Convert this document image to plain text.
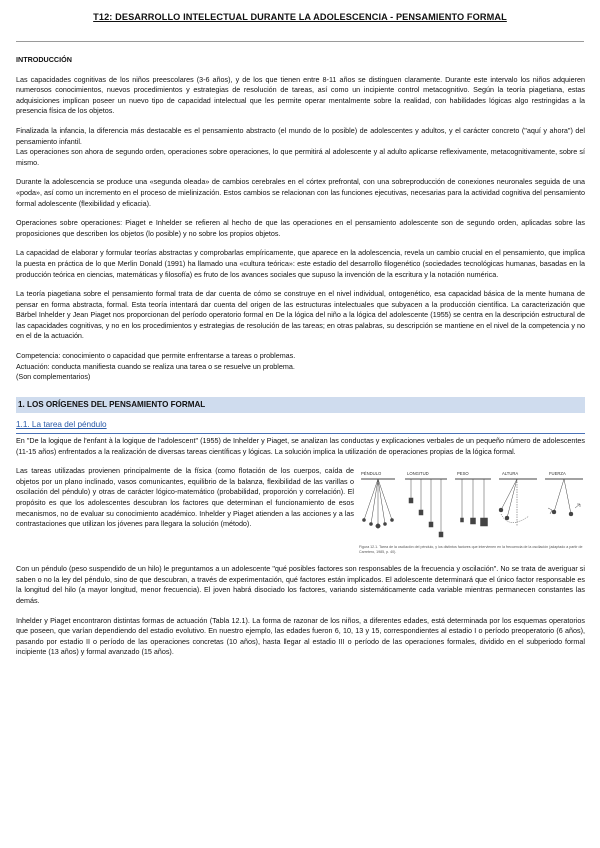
T12: DESARROLLO INTELECTUAL DURANTE LA ADOLESCENCIA - PENSAMIENTO FORMAL

INTRODUCCIÓN

Las capacidades cognitivas de los niños preescolares (3-6 años), y de los que tienen entre 8-11 años se distinguen claramente. Durante este intervalo los niños adquieren numerosos conocimientos, nuevos procedimientos y estrategias de resolución de tareas, así como un incipiente control metacognitivo. Según la teoría piagetiana, estas adquisiciones implican poseer un nuevo tipo de capacidad intelectual que les permite operar mentalmente sobre la realidad, con habilidades lógicas algo restringidas a la presencia física de los objetos.

Finalizada la infancia, la diferencia más destacable es el pensamiento abstracto (el mundo de lo posible) de adolescentes y adultos, y el carácter concreto ("aquí y ahora") del pensamiento infantil.

Las operaciones son ahora de segundo orden, operaciones sobre operaciones, lo que permitirá al adolescente y al adulto aplicarse reflexivamente, metacognitivamente, sobre sí mismo.

Durante la adolescencia se produce una «segunda oleada» de cambios cerebrales en el córtex prefrontal, con una sobreproducción de conexiones neuronales seguida de una «poda», así como un incremento en el proceso de mielinización. Estos cambios se relacionan con las funciones ejecutivas, necesarias para la actividad cognitiva del pensamiento formal adolescente (flexibilidad y eficacia).

Operaciones sobre operaciones: Piaget e Inhelder se refieren al hecho de que las operaciones en el pensamiento adolescente son de segundo orden, aplicadas sobre las proposiciones que describen los objetos (lo posible) y no sobre los propios objetos.

La capacidad de elaborar y formular teorías abstractas y comprobarlas empíricamente, que aparece en la adolescencia, revela un cambio crucial en el pensamiento, que implica la puesta en práctica de lo que Merlin Donald (1991) ha llamado una «cultura teórica»: este estadio del desarrollo filogenético (sociedades tecnológicas humanas, basadas en la producción teórica en ciencias, matemáticas y filosofía) es fruto de los avances sociales que supuso la invención de la escritura y la notación numérica.

La teoría piagetiana sobre el pensamiento formal trata de dar cuenta de cómo se construye en el nivel individual, ontogenético, esa capacidad básica de la mente humana de pensar en forma abstracta, formal. Esta teoría intentará dar cuenta del origen de las estructuras intelectuales que subyacen a la producción científica. La caracterización que Bärbel Inhelder y Jean Piaget nos proporcionan del período operatorio formal en De la lógica del niño a la lógica del adolescente (1955) se centra en la descripción estructural de las capacidades cognitivas, y no en los procedimientos y estrategias de resolución de las tareas; en otras palabras, su descripción se mantiene en el nivel de la competencia y no en el de la actuación.

Competencia: conocimiento o capacidad que permite enfrentarse a tareas o problemas.

Actuación: conducta manifiesta cuando se realiza una tarea o se resuelve un problema.

(Son complementarios)

1. LOS ORÍGENES DEL PENSAMIENTO FORMAL
1.1. La tarea del péndulo

En "De la logique de l'enfant à la logique de l'adolescent" (1955) de Inhelder y Piaget, se analizan las conductas y explicaciones verbales de un pequeño número de adolescentes (11-15 años) enfrentados a la realización de diversas tareas científicas y lógicas. La solución implica la utilización de operaciones propias de la lógica formal.

Las tareas utilizadas provienen principalmente de la física (como flotación de los cuerpos, caída de objetos por un plano inclinado, vasos comunicantes, equilibrio de la balanza, flexibilidad de las varillas o oscilación del péndulo) y otras de carácter lógico-matemático (probabilidad, proporción y correlación). El propósito es que los adolescentes descubran los factores que determinan el funcionamiento de esos mecanismos, no de evaluar su conocimiento académico. Inhelder y Piaget atienden a las acciones y a las contrastaciones que utilizan los jóvenes para llegara la solución (método).
PÉNDULO	LONGITUD	PESO	ALTURA	FUERZA
Figura 12.1. Tarea de la oscilación del péndulo, y los distintos factores que intervienen en la frecuencia de la oscilación (adaptado a partir de Carretero, 1985, p. 40).

Con un péndulo (peso suspendido de un hilo) le preguntamos a un adolescente "qué posibles factores son responsables de la frecuencia y oscilación". No se trata de averiguar si saben o no la ley del péndulo, sino de que descubran, a través de experimentación, qué factores están implicados. El adolescente determinará que el único factor responsable es la longitud del hilo (a mayor longitud, menor frecuencia). El joven habrá disociado los factores, variando sistemáticamente cada variable mientras permanecen constantes las demás.

Inhelder y Piaget encontraron distintas formas de actuación (Tabla 12.1). La forma de razonar de los niños, a diferentes edades, está determinada por los esquemas operatorios que poseen, que varían dependiendo del estadio evolutivo. En nuestro ejemplo, las edades fueron 6, 10, 13 y 15, correspondientes al estadio I o período preoperatorio (6 años), pasando por estadio II o período de las operaciones concretas (10 años), hasta llegar al estadio III o período de las operaciones formales, dividido en el subperiodo formal incipiente (13 años) y formal avanzado (15 años).
